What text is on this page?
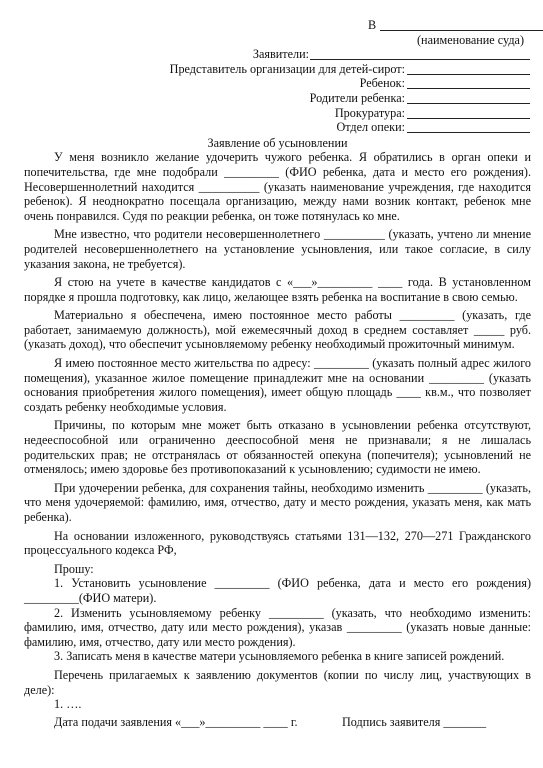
В
(наименование суда)
Заявители:
Представитель организации для детей-сирот:
Ребенок:
Родители ребенка:
Прокуратура:
Отдел опеки:
Заявление об усыновлении

У меня возникло желание удочерить чужого ребенка. Я обратились в орган опеки и попечительства, где мне подобрали _________ (ФИО ребенка, дата и место его рождения). Несовершеннолетний находится __________ (указать наименование учреждения, где находится ребенок). Я неоднократно посещала организацию, между нами возник контакт, ребенок мне очень понравился. Судя по реакции ребенка, он тоже потянулась ко мне.

Мне известно, что родители несовершеннолетнего __________ (указать, учтено ли мнение родителей несовершеннолетнего на установление усыновления, или такое согласие, в силу указания закона, не требуется).

Я стою на учете в качестве кандидатов с «___»_________ ____ года. В установленном порядке я прошла подготовку, как лицо, желающее взять ребенка на воспитание в свою семью.

Материально я обеспечена, имею постоянное место работы _________ (указать, где работает, занимаемую должность), мой ежемесячный доход в среднем составляет _____ руб. (указать доход), что обеспечит усыновляемому ребенку необходимый прожиточный минимум.

Я имею постоянное место жительства по адресу: _________ (указать полный адрес жилого помещения), указанное жилое помещение принадлежит мне на основании _________ (указать основания приобретения жилого помещения), имеет общую площадь ____ кв.м., что позволяет создать ребенку необходимые условия.

Причины, по которым мне может быть отказано в усыновлении ребенка отсутствуют, недееспособной или ограниченно дееспособной меня не признавали; я не лишалась родительских прав; не отстранялась от обязанностей опекуна (попечителя); усыновлений не отменялось; имею здоровье без противопоказаний к усыновлению; судимости не имею.

При удочерении ребенка, для сохранения тайны, необходимо изменить _________ (указать, что меня удочеряемой: фамилию, имя, отчество, дату и место рождения, указать меня, как мать ребенка).

На основании изложенного, руководствуясь статьями 131—132, 270—271 Гражданского процессуального кодекса РФ,

Прошу:

1. Установить усыновление _________ (ФИО ребенка, дата и место его рождения) _________(ФИО матери).

2. Изменить усыновляемому ребенку _________ (указать, что необходимо изменить: фамилию, имя, отчество, дату или место рождения), указав _________ (указать новые данные: фамилию, имя, отчество, дату или место рождения).

3. Записать меня в качестве матери усыновляемого ребенка в книге записей рождений.

Перечень прилагаемых к заявлению документов (копии по числу лиц, участвующих в деле):

1. ….

Дата подачи заявления «___»_________ ____ г.	Подпись заявителя _______
